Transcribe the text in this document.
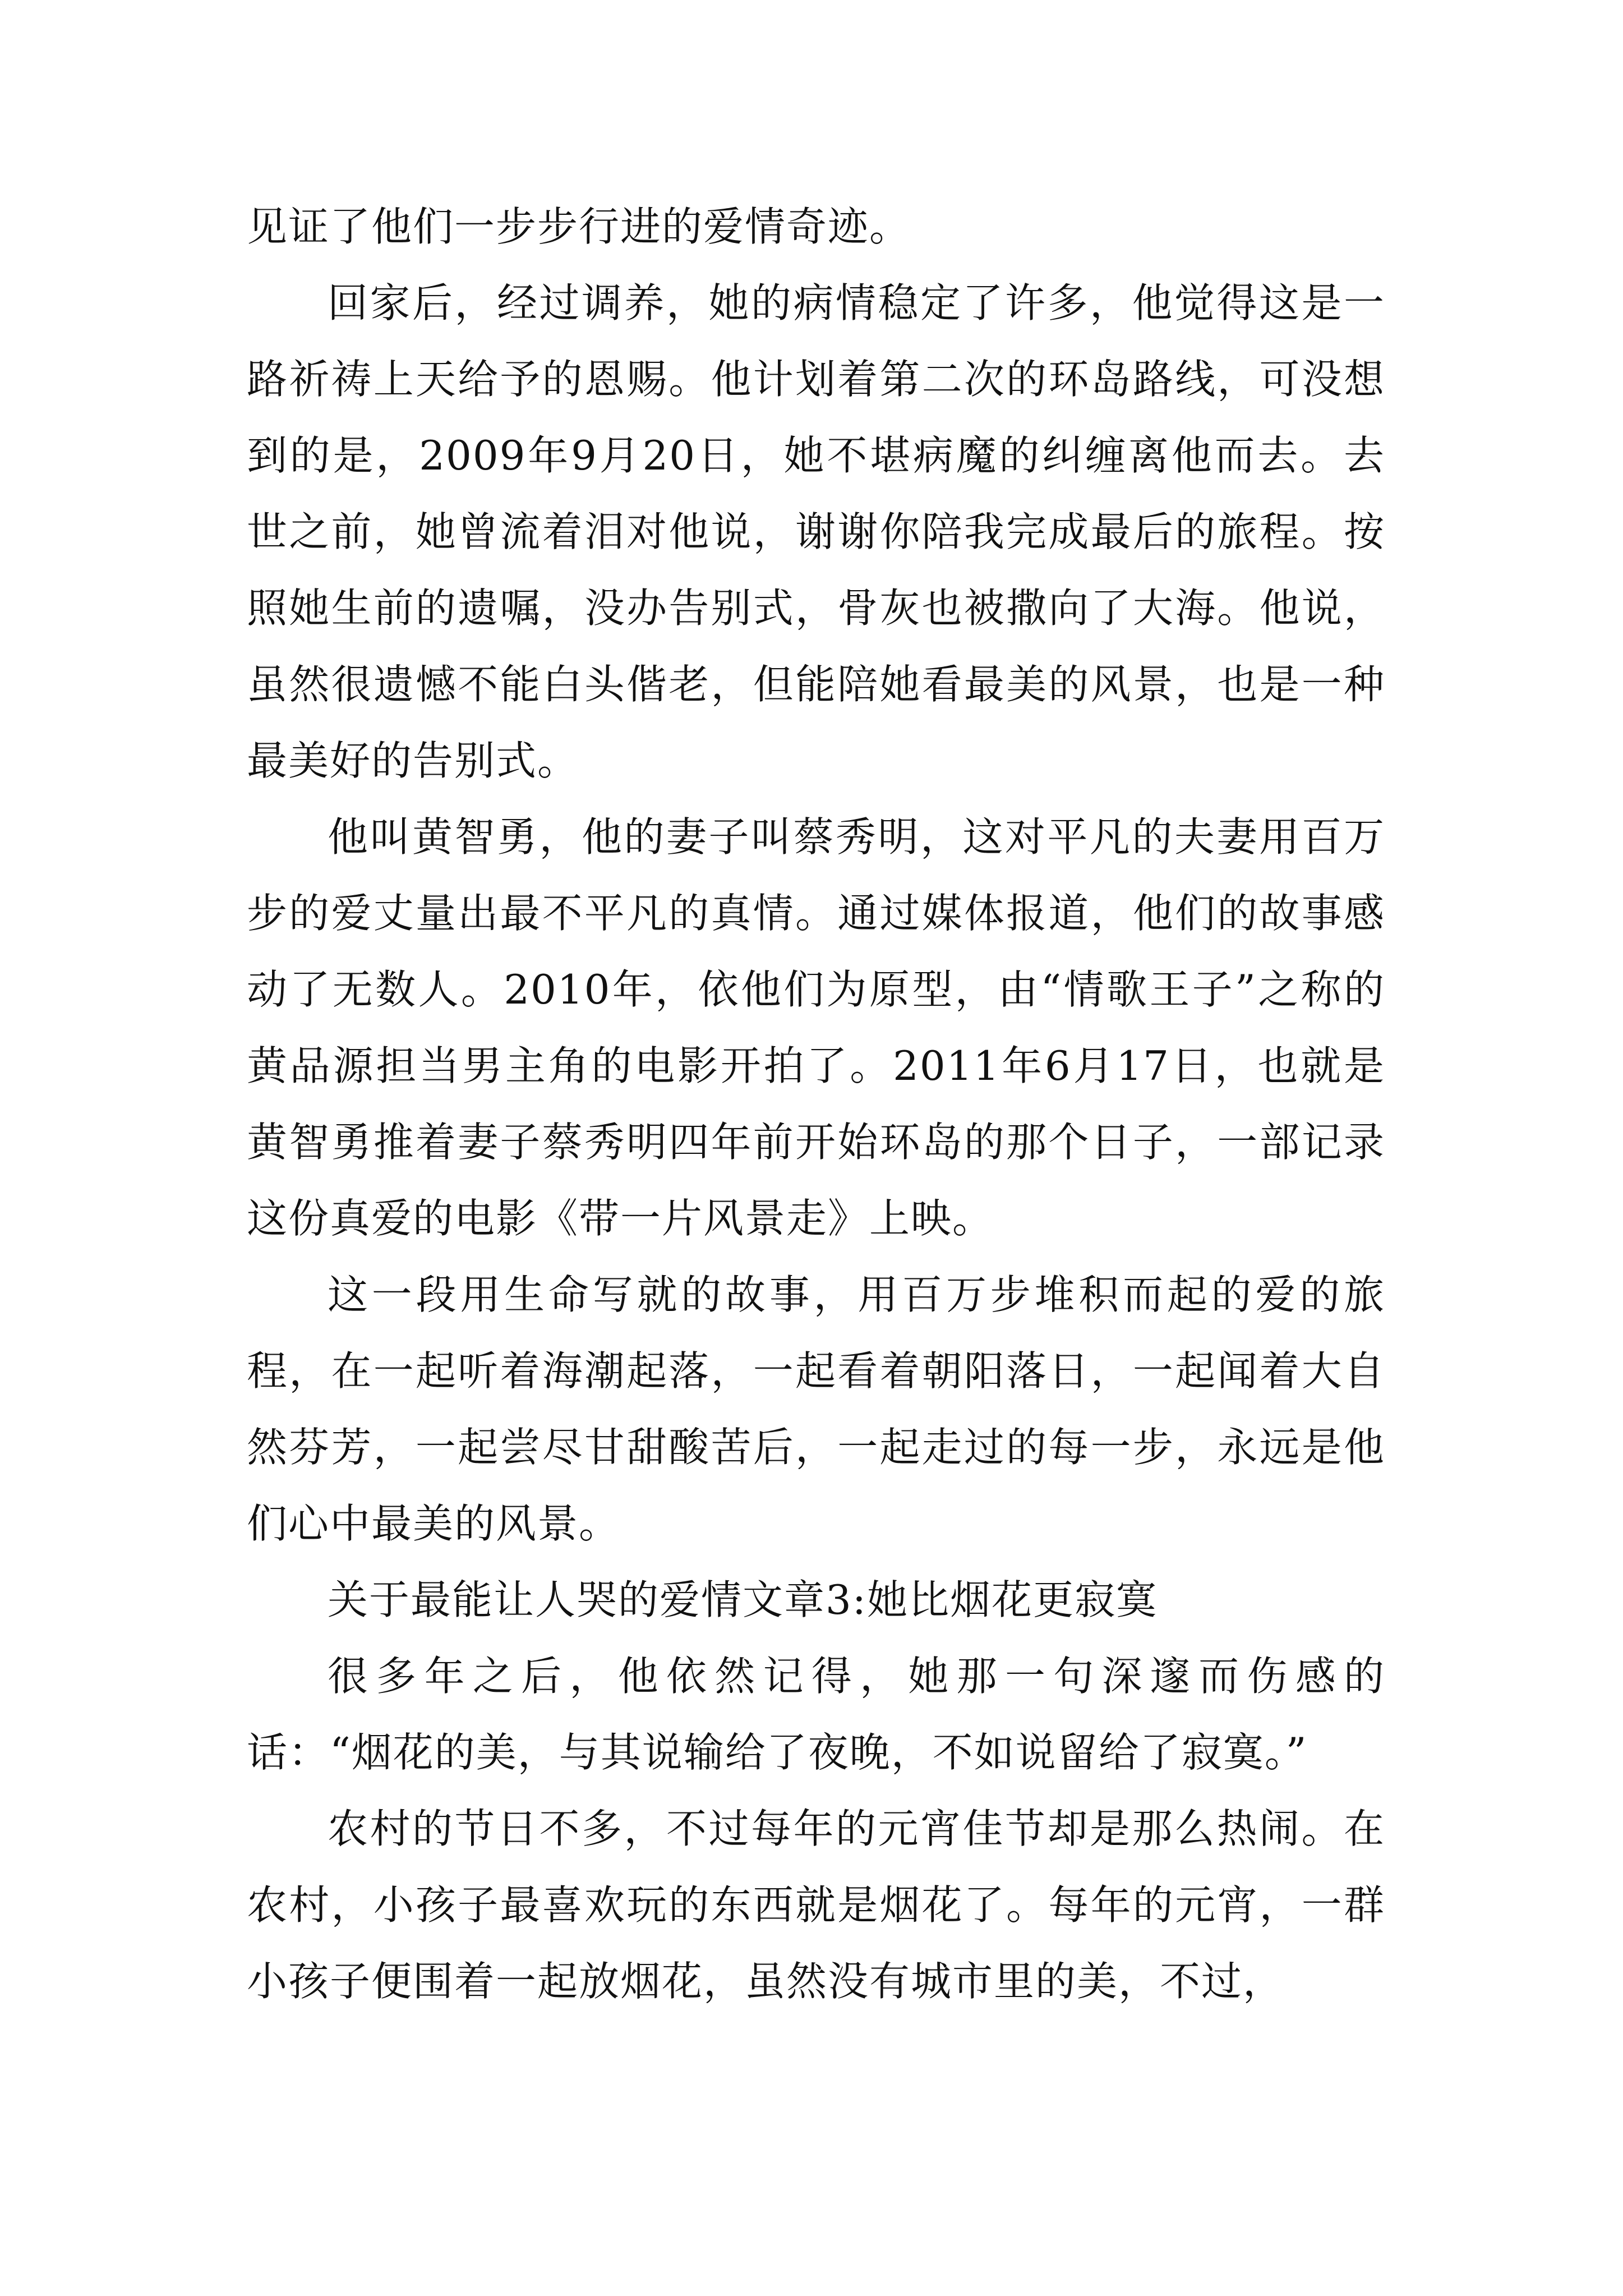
见证了他们一步步行进的爱情奇迹。

回家后，经过调养，她的病情稳定了许多，他觉得这是一路祈祷上天给予的恩赐。他计划着第二次的环岛路线，可没想到的是，2009年9月20日，她不堪病魔的纠缠离他而去。去世之前，她曾流着泪对他说，谢谢你陪我完成最后的旅程。按照她生前的遗嘱，没办告别式，骨灰也被撒向了大海。他说，虽然很遗憾不能白头偕老，但能陪她看最美的风景，也是一种最美好的告别式。

他叫黄智勇，他的妻子叫蔡秀明，这对平凡的夫妻用百万步的爱丈量出最不平凡的真情。通过媒体报道，他们的故事感动了无数人。2010年，依他们为原型，由“情歌王子”之称的黄品源担当男主角的电影开拍了。2011年6月17日，也就是黄智勇推着妻子蔡秀明四年前开始环岛的那个日子，一部记录这份真爱的电影《带一片风景走》上映。

这一段用生命写就的故事，用百万步堆积而起的爱的旅程，在一起听着海潮起落，一起看着朝阳落日，一起闻着大自然芬芳，一起尝尽甘甜酸苦后，一起走过的每一步，永远是他们心中最美的风景。

关于最能让人哭的爱情文章3:她比烟花更寂寞

很多年之后，他依然记得，她那一句深邃而伤感的话：“烟花的美，与其说输给了夜晚，不如说留给了寂寞。”

农村的节日不多，不过每年的元宵佳节却是那么热闹。在农村，小孩子最喜欢玩的东西就是烟花了。每年的元宵，一群小孩子便围着一起放烟花，虽然没有城市里的美，不过，
